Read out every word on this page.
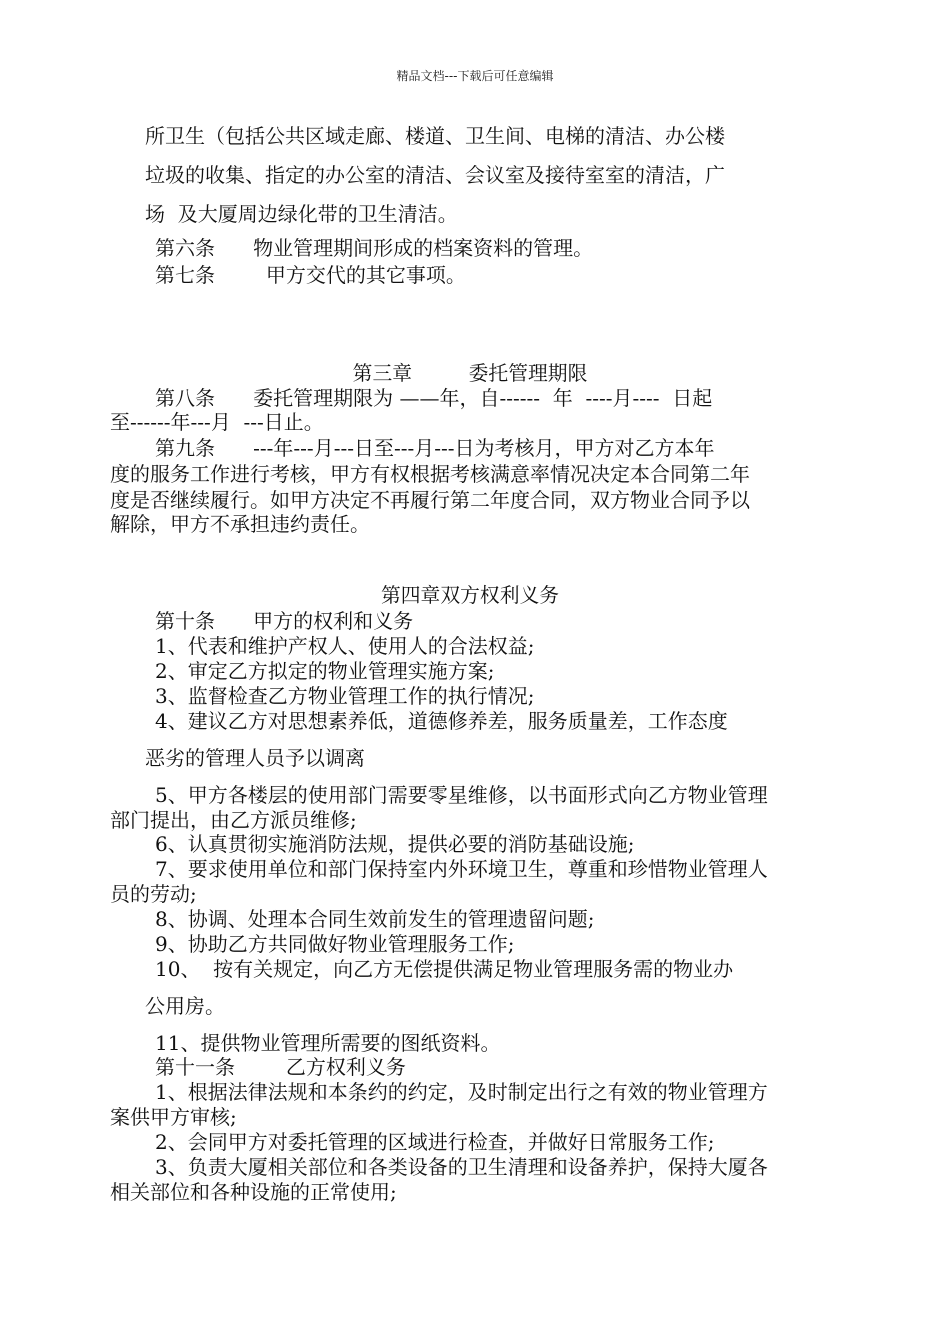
精品文档---下载后可任意编辑
所卫生（包括公共区域走廊、楼道、卫生间、电梯的清洁、办公楼
垃圾的收集、指定的办公室的清洁、会议室及接待室室的清洁，广
场  及大厦周边绿化带的卫生清洁。
第六条      物业管理期间形成的档案资料的管理。
第七条        甲方交代的其它事项。
第三章         委托管理期限
第八条      委托管理期限为 ——年，自------  年  ----月----  日起
至------年---月  ---日止。
第九条      ---年---月---日至---月---日为考核月，甲方对乙方本年
度的服务工作进行考核，甲方有权根据考核满意率情况决定本合同第二年
度是否继续履行。如甲方决定不再履行第二年度合同，双方物业合同予以
解除，甲方不承担违约责任。
第四章双方权利义务
第十条      甲方的权利和义务
1、代表和维护产权人、使用人的合法权益;
2、审定乙方拟定的物业管理实施方案;
3、监督检查乙方物业管理工作的执行情况;
4、建议乙方对思想素养低，道德修养差，服务质量差，工作态度
恶劣的管理人员予以调离
5、甲方各楼层的使用部门需要零星维修，以书面形式向乙方物业管理
部门提出，由乙方派员维修;
6、认真贯彻实施消防法规，提供必要的消防基础设施;
7、要求使用单位和部门保持室内外环境卫生，尊重和珍惜物业管理人
员的劳动;
8、协调、处理本合同生效前发生的管理遗留问题;
9、协助乙方共同做好物业管理服务工作;
10、  按有关规定，向乙方无偿提供满足物业管理服务需的物业办
公用房。
11、提供物业管理所需要的图纸资料。
第十一条        乙方权利义务
1、根据法律法规和本条约的约定，及时制定出行之有效的物业管理方
案供甲方审核;
2、会同甲方对委托管理的区域进行检查，并做好日常服务工作;
3、负责大厦相关部位和各类设备的卫生清理和设备养护，保持大厦各
相关部位和各种设施的正常使用;
